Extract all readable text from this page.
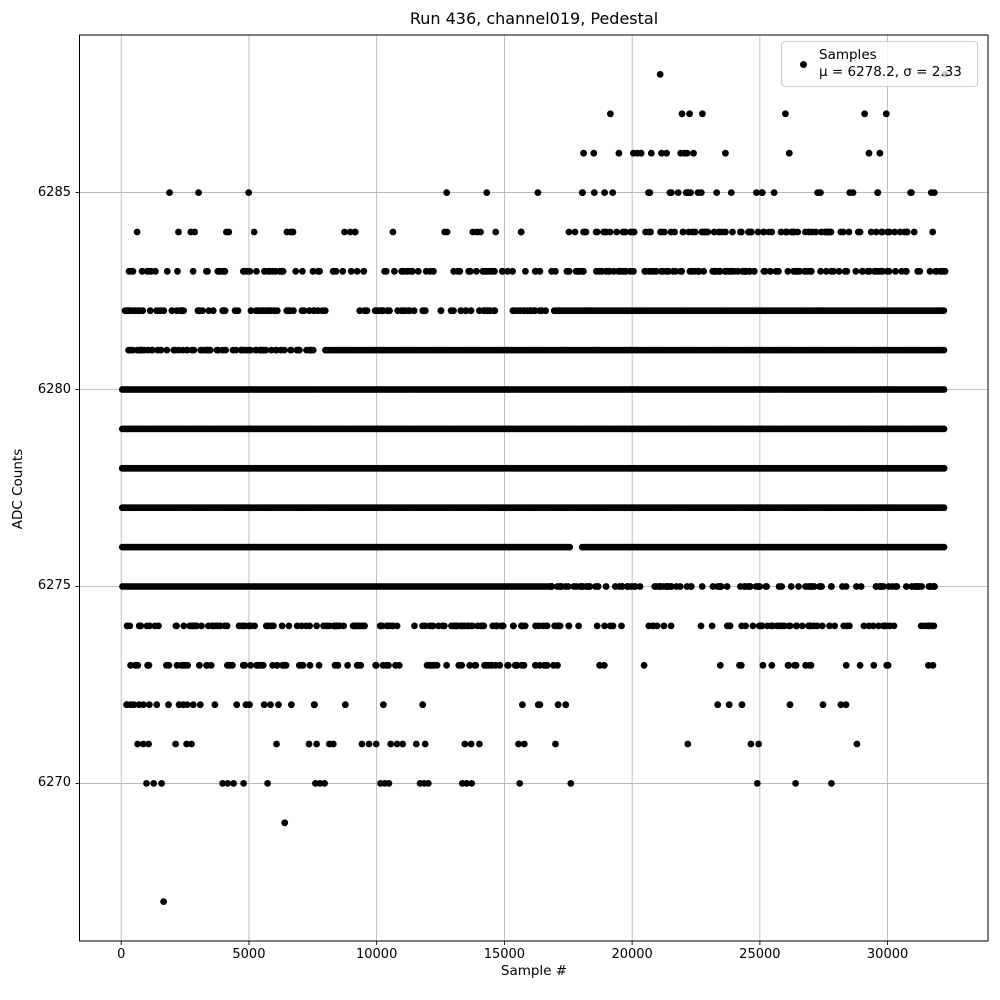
Run 436, channel019, Pedestal
Sample #
ADC Counts
Samples
μ = 6278.2, σ = 2.33
0	5000	10000	15000	20000	25000	30000
6270
6275
6280
6285
